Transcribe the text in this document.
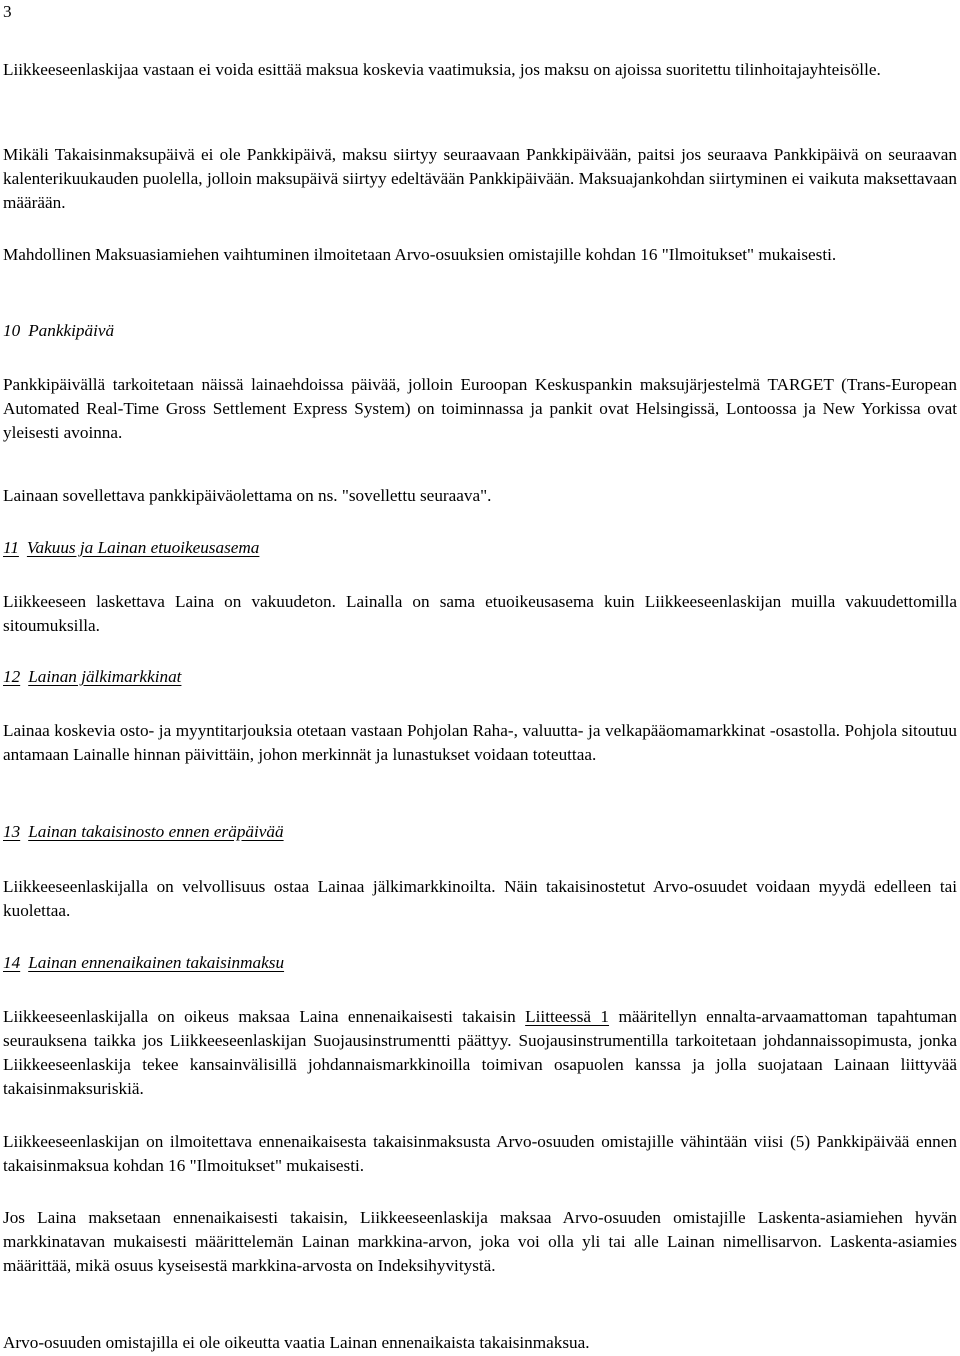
3

Liikkeeseenlaskijaa vastaan ei voida esittää maksua koskevia vaatimuksia, jos maksu on ajoissa suoritettu tilinhoitajayhteisölle.

Mikäli Takaisinmaksupäivä ei ole Pankkipäivä, maksu siirtyy seuraavaan Pankkipäivään, paitsi jos seuraava Pankkipäivä on seuraavan kalenterikuukauden puolella, jolloin maksupäivä siirtyy edeltävään Pankkipäivään. Maksuajankohdan siirtyminen ei vaikuta maksettavaan määrään.

Mahdollinen Maksuasiamiehen vaihtuminen ilmoitetaan Arvo-osuuksien omistajille kohdan 16 "Ilmoitukset" mukaisesti.

10 Pankkipäivä

Pankkipäivällä tarkoitetaan näissä lainaehdoissa päivää, jolloin Euroopan Keskuspankin maksujärjestelmä TARGET (Trans-European Automated Real-Time Gross Settlement Express System) on toiminnassa ja pankit ovat Helsingissä, Lontoossa ja New Yorkissa ovat yleisesti avoinna.

Lainaan sovellettava pankkipäiväolettama on ns. "sovellettu seuraava".

11 Vakuus ja Lainan etuoikeusasema

Liikkeeseen laskettava Laina on vakuudeton. Lainalla on sama etuoikeusasema kuin Liikkeeseenlaskijan muilla vakuudettomilla sitoumuksilla.

12 Lainan jälkimarkkinat

Lainaa koskevia osto- ja myyntitarjouksia otetaan vastaan Pohjolan Raha-, valuutta- ja velkapääomamarkkinat -osastolla. Pohjola sitoutuu antamaan Lainalle hinnan päivittäin, johon merkinnät ja lunastukset voidaan toteuttaa.

13 Lainan takaisinosto ennen eräpäivää

Liikkeeseenlaskijalla on velvollisuus ostaa Lainaa jälkimarkkinoilta. Näin takaisinostetut Arvo-osuudet voidaan myydä edelleen tai kuolettaa.

14 Lainan ennenaikainen takaisinmaksu

Liikkeeseenlaskijalla on oikeus maksaa Laina ennenaikaisesti takaisin Liitteessä 1 määritellyn ennalta-arvaamattoman tapahtuman seurauksena taikka jos Liikkeeseenlaskijan Suojausinstrumentti päättyy. Suojausinstrumentilla tarkoitetaan johdannaissopimusta, jonka Liikkeeseenlaskija tekee kansainvälisillä johdannaismarkkinoilla toimivan osapuolen kanssa ja jolla suojataan Lainaan liittyvää takaisinmaksuriskiä.

Liikkeeseenlaskijan on ilmoitettava ennenaikaisesta takaisinmaksusta Arvo-osuuden omistajille vähintään viisi (5) Pankkipäivää ennen takaisinmaksua kohdan 16 "Ilmoitukset" mukaisesti.

Jos Laina maksetaan ennenaikaisesti takaisin, Liikkeeseenlaskija maksaa Arvo-osuuden omistajille Laskenta-asiamiehen hyvän markkinatavan mukaisesti määrittelemän Lainan markkina-arvon, joka voi olla yli tai alle Lainan nimellisarvon. Laskenta-asiamies määrittää, mikä osuus kyseisestä markkina-arvosta on Indeksihyvitystä.

Arvo-osuuden omistajilla ei ole oikeutta vaatia Lainan ennenaikaista takaisinmaksua.
